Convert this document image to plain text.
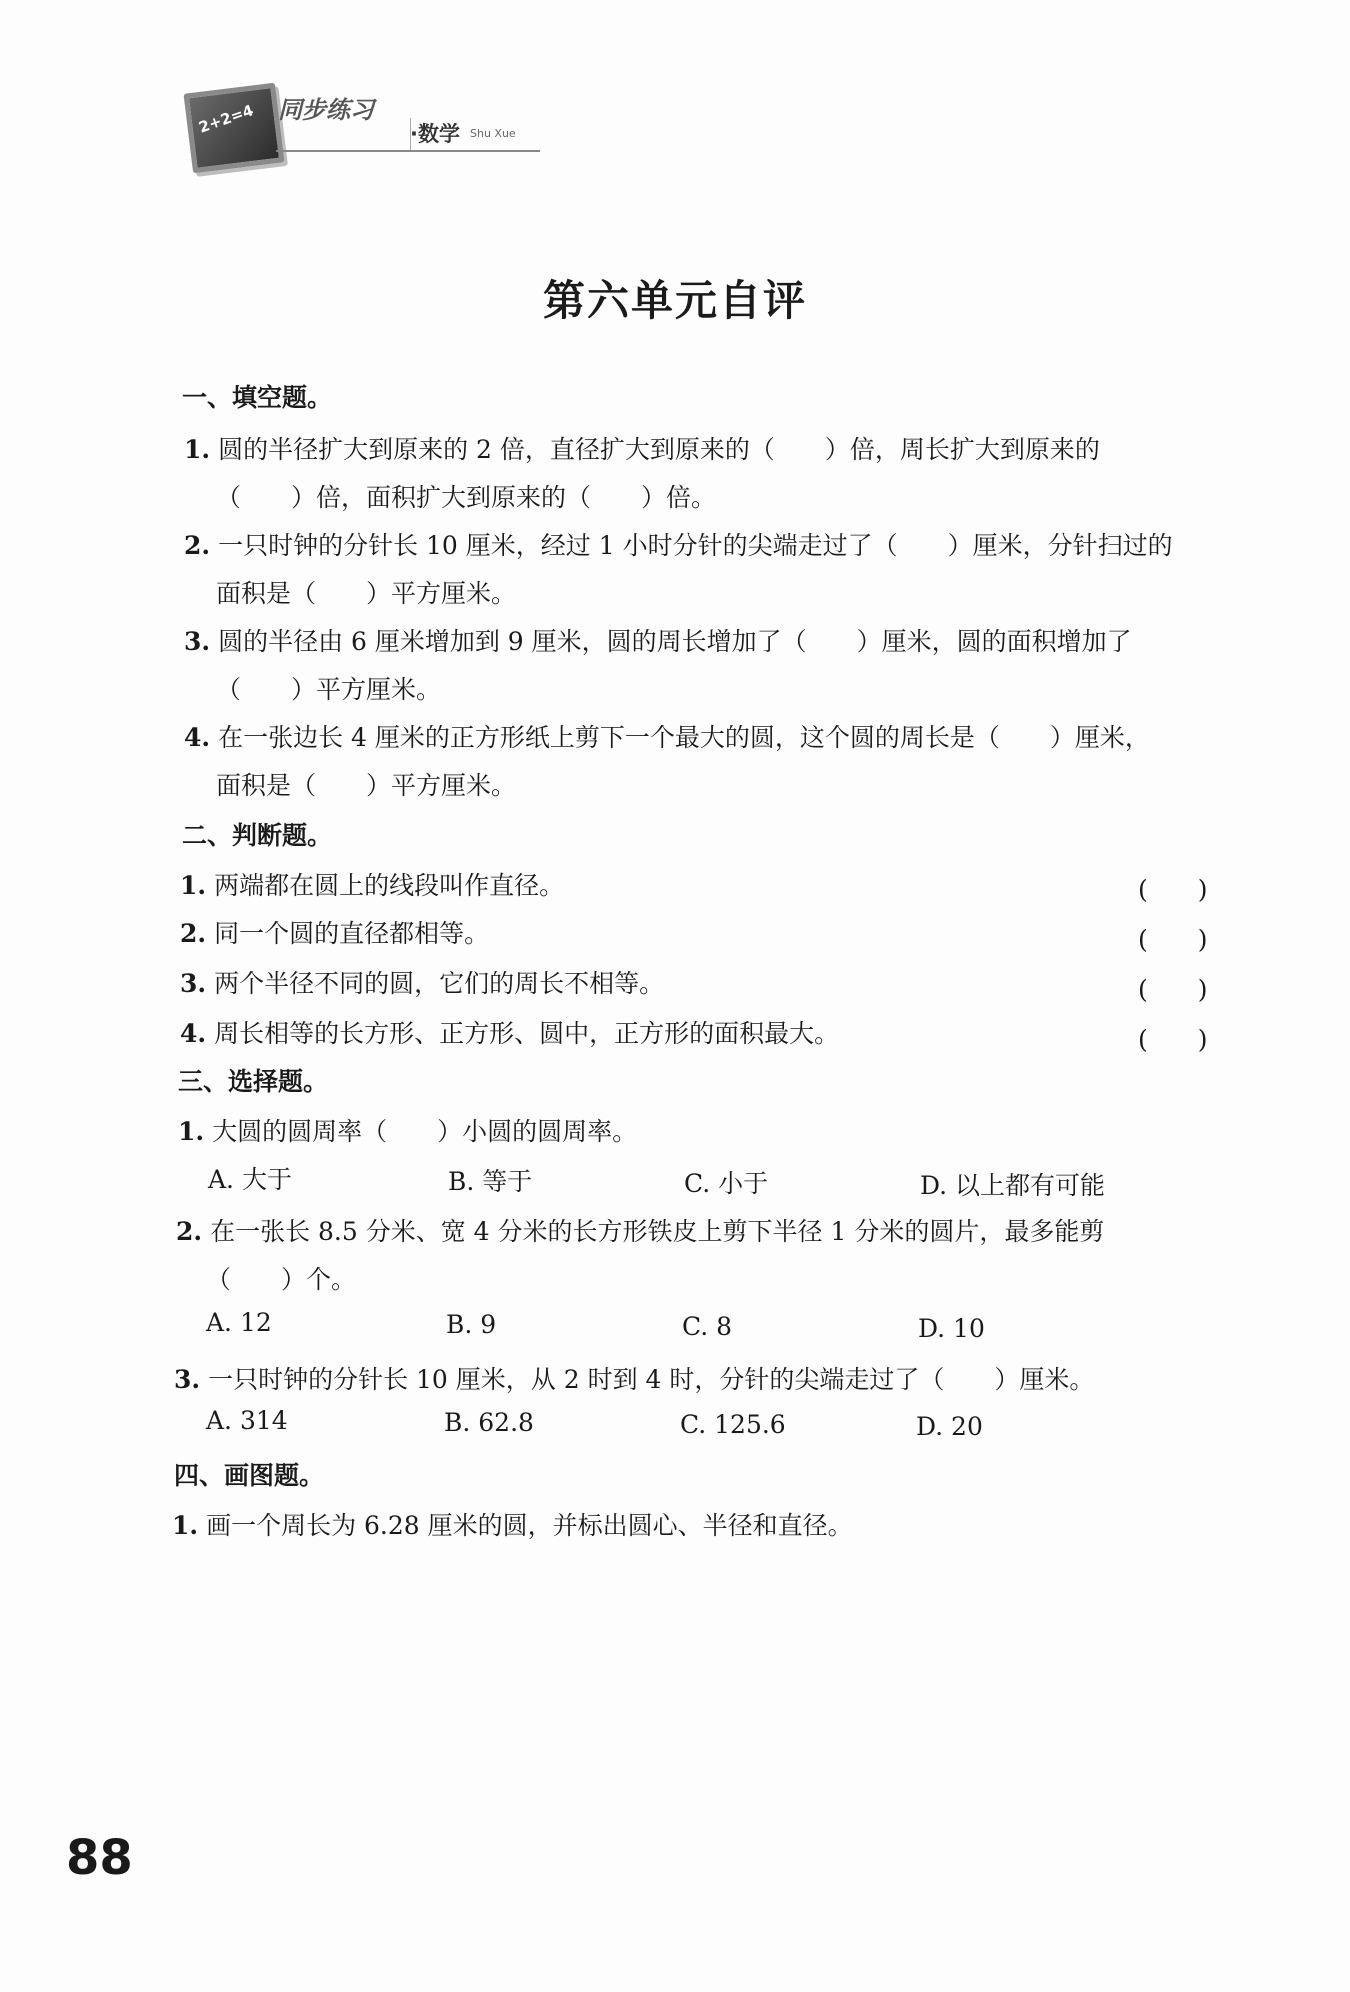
2+2=4 同步练习
·数学 Shu Xue
第六单元自评
一、填空题。
1. 圆的半径扩大到原来的 2 倍，直径扩大到原来的（　　）倍，周长扩大到原来的
（　　）倍，面积扩大到原来的（　　）倍。
2. 一只时钟的分针长 10 厘米，经过 1 小时分针的尖端走过了（　　）厘米，分针扫过的
面积是（　　）平方厘米。
3. 圆的半径由 6 厘米增加到 9 厘米，圆的周长增加了（　　）厘米，圆的面积增加了
（　　）平方厘米。
4. 在一张边长 4 厘米的正方形纸上剪下一个最大的圆，这个圆的周长是（　　）厘米，
面积是（　　）平方厘米。
二、判断题。
1. 两端都在圆上的线段叫作直径。	(　　)
2. 同一个圆的直径都相等。	(　　)
3. 两个半径不同的圆，它们的周长不相等。	(　　)
4. 周长相等的长方形、正方形、圆中，正方形的面积最大。	(　　)
三、选择题。
1. 大圆的圆周率（　　）小圆的圆周率。
A. 大于	B. 等于	C. 小于	D. 以上都有可能
2. 在一张长 8.5 分米、宽 4 分米的长方形铁皮上剪下半径 1 分米的圆片，最多能剪
（　　）个。
A. 12	B. 9	C. 8	D. 10
3. 一只时钟的分针长 10 厘米，从 2 时到 4 时，分针的尖端走过了（　　）厘米。
A. 314	B. 62.8	C. 125.6	D. 20
四、画图题。
1. 画一个周长为 6.28 厘米的圆，并标出圆心、半径和直径。
88
